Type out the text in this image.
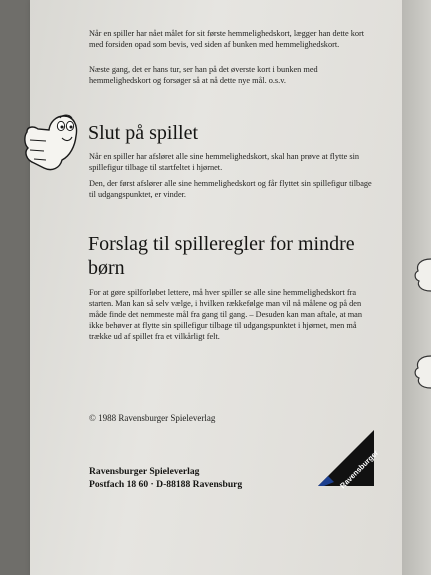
Når en spiller har nået målet for sit første hemmelighedskort, lægger han dette kort med forsiden opad som bevis, ved siden af bunken med hemmelighedskort.

Næste gang, det er hans tur, ser han på det øverste kort i bunken med hemmelighedskort og forsøger så at nå dette nye mål. o.s.v.

Slut på spillet

Når en spiller har afsløret alle sine hemmelighedskort, skal han prøve at flytte sin spillefigur tilbage til startfeltet i hjørnet.

Den, der først afslører alle sine hemmelighedskort og får flyttet sin spillefigur tilbage til udgangspunktet, er vinder.

Forslag til spilleregler for mindre børn

For at gøre spilforløbet lettere, må hver spiller se alle sine hemmelighedskort fra starten. Man kan så selv vælge, i hvilken rækkefølge man vil nå målene og på den måde finde det nemmeste mål fra gang til gang. – Desuden kan man aftale, at man ikke behøver at flytte sin spillefigur tilbage til udgangspunktet i hjørnet, men må trække ud af spillet fra et vilkårligt felt.

© 1988 Ravensburger Spieleverlag
Ravensburger Spieleverlag
Postfach 18 60 · D-88188 Ravensburg	Ravensburger
